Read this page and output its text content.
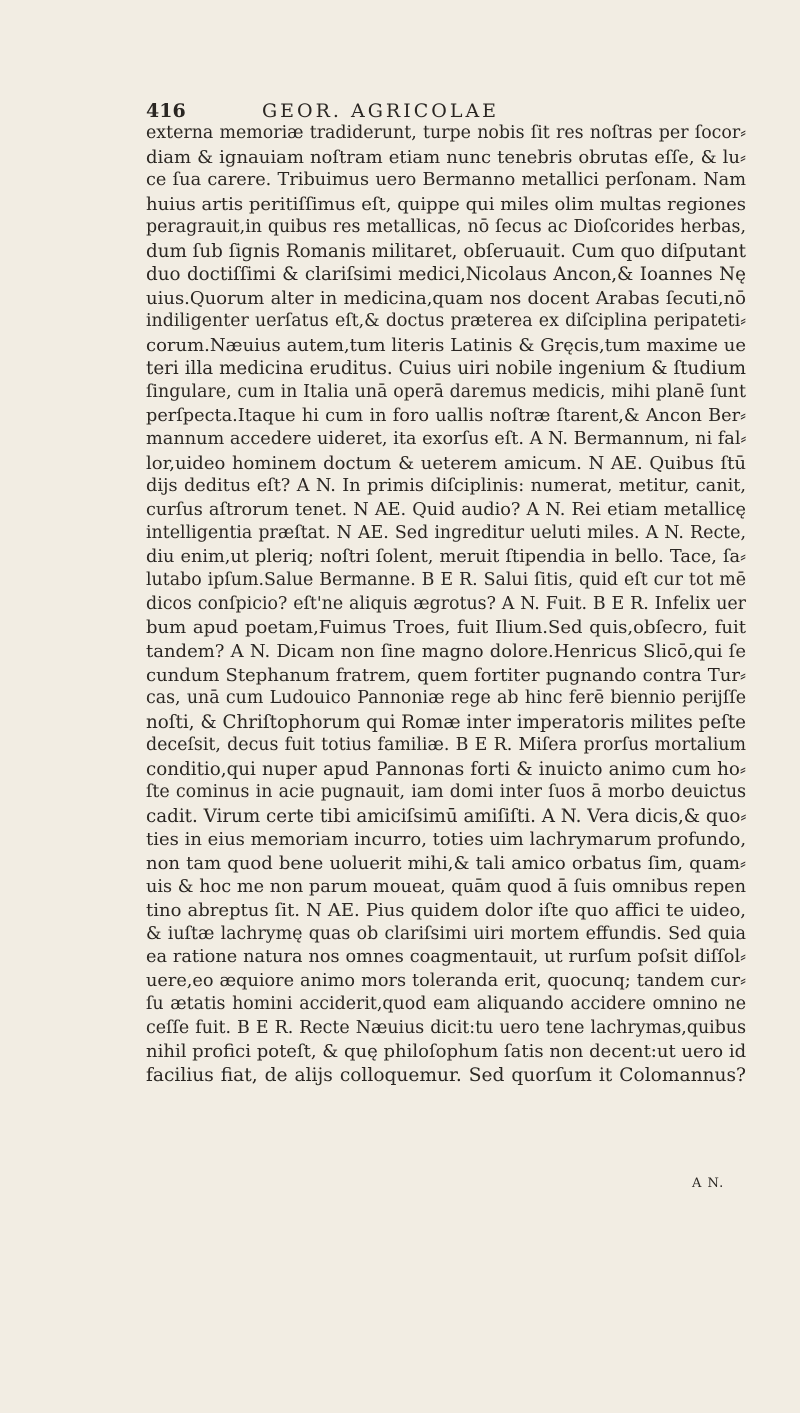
416	GEOR. AGRICOLAE
externa memoriæ tradiderunt, turpe nobis ſit res noſtras per ſocor⸗
diam & ignauiam noſtram etiam nunc tenebris obrutas eſſe, & lu⸗
ce ſua carere. Tribuimus uero Bermanno metallici perſonam. Nam
huius artis peritiſſimus eſt, quippe qui miles olim multas regiones
peragrauit,in quibus res metallicas, nō ſecus ac Dioſcorides herbas,
dum ſub ſignis Romanis militaret, obſeruauit. Cum quo diſputant
duo doctiſſimi & clariſsimi medici,Nicolaus Ancon,& Ioannes Nę
uius.Quorum alter in medicina,quam nos docent Arabas ſecuti,nō
indiligenter uerſatus eſt,& doctus præterea ex diſciplina peripateti⸗
corum.Næuius autem,tum literis Latinis & Gręcis,tum maxime ue
teri illa medicina eruditus. Cuius uiri nobile ingenium & ſtudium
ſingulare, cum in Italia unā operā daremus medicis, mihi planē ſunt
perſpecta.Itaque hi cum in foro uallis noſtræ ſtarent,& Ancon Ber⸗
mannum accedere uideret, ita exorſus eſt. A N. Bermannum, ni fal⸗
lor,uideo hominem doctum & ueterem amicum. N AE. Quibus ſtū
dijs deditus eſt? A N. In primis diſciplinis: numerat, metitur, canit,
curſus aſtrorum tenet. N AE. Quid audio? A N. Rei etiam metallicę
intelligentia præſtat. N AE. Sed ingreditur ueluti miles. A N. Recte,
diu enim,ut pleriq; noſtri ſolent, meruit ſtipendia in bello. Tace, ſa⸗
lutabo ipſum.Salue Bermanne. B E R. Salui ſitis, quid eſt cur tot mē
dicos conſpicio? eſt'ne aliquis ægrotus? A N. Fuit. B E R. Infelix uer
bum apud poetam,Fuimus Troes, fuit Ilium.Sed quis,obſecro, fuit
tandem? A N. Dicam non ſine magno dolore.Henricus Slicō,qui ſe
cundum Stephanum fratrem, quem fortiter pugnando contra Tur⸗
cas, unā cum Ludouico Pannoniæ rege ab hinc ferē biennio perijſſe
noſti, & Chriſtophorum qui Romæ inter imperatoris milites peſte
deceſsit, decus fuit totius familiæ. B E R. Miſera prorſus mortalium
conditio,qui nuper apud Pannonas forti & inuicto animo cum ho⸗
ſte cominus in acie pugnauit, iam domi inter ſuos ā morbo deuictus
cadit. Virum certe tibi amiciſsimū amiſiſti. A N. Vera dicis,& quo⸗
ties in eius memoriam incurro, toties uim lachrymarum profundo,
non tam quod bene uoluerit mihi,& tali amico orbatus ſim, quam⸗
uis & hoc me non parum moueat, quām quod ā ſuis omnibus repen
tino abreptus ſit. N AE. Pius quidem dolor iſte quo affici te uideo,
& iuſtæ lachrymę quas ob clariſsimi uiri mortem effundis. Sed quia
ea ratione natura nos omnes coagmentauit, ut rurſum poſsit diſſol⸗
uere,eo æquiore animo mors toleranda erit, quocunq; tandem cur⸗
ſu ætatis homini acciderit,quod eam aliquando accidere omnino ne
ceſſe fuit. B E R. Recte Næuius dicit:tu uero tene lachrymas,quibus
nihil profici poteſt, & quę philoſophum ſatis non decent:ut uero id
facilius fiat, de alijs colloquemur. Sed quorſum it Colomannus?
A N.
